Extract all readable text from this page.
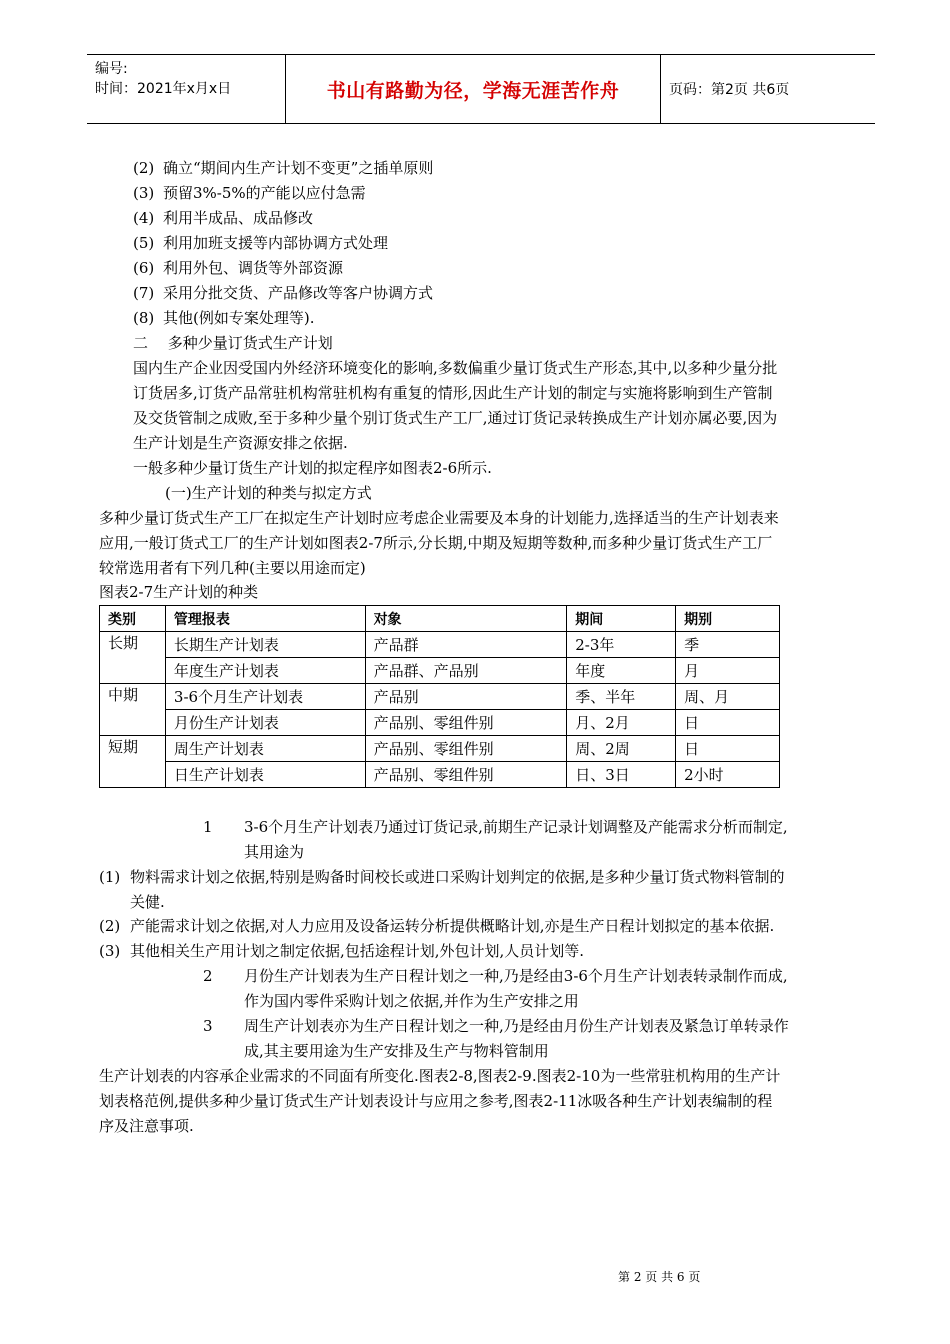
编号:
时间：2021年x月x日	书山有路勤为径，学海无涯苦作舟	页码：第2页 共6页
(2) 确立“期间内生产计划不变更”之插单原则
(3) 预留3%-5%的产能以应付急需
(4) 利用半成品、成品修改
(5) 利用加班支援等内部协调方式处理
(6) 利用外包、调货等外部资源
(7) 采用分批交货、产品修改等客户协调方式
(8) 其他(例如专案处理等).
二　 多种少量订货式生产计划
国内生产企业因受国内外经济环境变化的影响,多数偏重少量订货式生产形态,其中,以多种少量分批
订货居多,订货产品常驻机构常驻机构有重复的情形,因此生产计划的制定与实施将影响到生产管制
及交货管制之成败,至于多种少量个别订货式生产工厂,通过订货记录转换成生产计划亦属必要,因为
生产计划是生产资源安排之依据.
一般多种少量订货生产计划的拟定程序如图表2-6所示.
(一)生产计划的种类与拟定方式
多种少量订货式生产工厂在拟定生产计划时应考虑企业需要及本身的计划能力,选择适当的生产计划表来
应用,一般订货式工厂的生产计划如图表2-7所示,分长期,中期及短期等数种,而多种少量订货式生产工厂
较常选用者有下列几种(主要以用途而定)
图表2-7生产计划的种类
类别	管理报表	对象	期间	期别
长期	长期生产计划表	产品群	2-3年	季
	年度生产计划表	产品群、产品别	年度	月
中期	3-6个月生产计划表	产品别	季、半年	周、月
	月份生产计划表	产品别、零组件别	月、2月	日
短期	周生产计划表	产品别、零组件别	周、2周	日
	日生产计划表	产品别、零组件别	日、3日	2小时
1 3-6个月生产计划表乃通过订货记录,前期生产记录计划调整及产能需求分析而制定,
其用途为
(1) 物料需求计划之依据,特别是购备时间校长或进口采购计划判定的依据,是多种少量订货式物料管制的
关健.
(2) 产能需求计划之依据,对人力应用及设备运转分析提供概略计划,亦是生产日程计划拟定的基本依据.
(3) 其他相关生产用计划之制定依据,包括途程计划,外包计划,人员计划等.
2 月份生产计划表为生产日程计划之一种,乃是经由3-6个月生产计划表转录制作而成,
作为国内零件采购计划之依据,并作为生产安排之用
3 周生产计划表亦为生产日程计划之一种,乃是经由月份生产计划表及紧急订单转录作
成,其主要用途为生产安排及生产与物料管制用
生产计划表的内容承企业需求的不同面有所变化.图表2-8,图表2-9.图表2-10为一些常驻机构用的生产计
划表格范例,提供多种少量订货式生产计划表设计与应用之参考,图表2-11冰吸各种生产计划表编制的程
序及注意事项.
第 2 页 共 6 页
